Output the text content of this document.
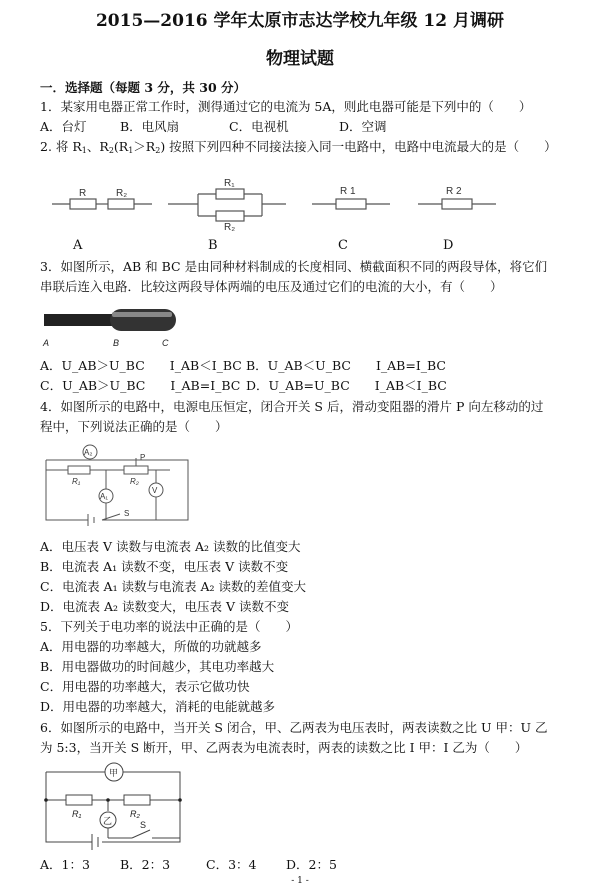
2015—2016 学年太原市志达学校九年级 12 月调研
物理试题
一．选择题（每题 3 分，共 30 分）
1．某家用电器正常工作时，测得通过它的电流为 5A，则此电器可能是下列中的（　　）
A．台灯	B．电风扇	C．电视机	D．空调
2. 将 $R_1$、$R_2(R_1>R_2)$ 按照下列四种不同接法接入同一电路中，电路中电流最大的是（　　）
R	R₂
R₁
R₂
R 1	R 2
A	B	C	D
3．如图所示，AB 和 BC 是由同种材料制成的长度相同、横截面积不同的两段导体，将它们
串联后连入电路．比较这两段导体两端的电压及通过它们的电流的大小，有（　　）
A	B	C
A．U_AB＞U_BC　　I_AB＜I_BC B．U_AB＜U_BC　　I_AB=I_BC
C．U_AB＞U_BC　　I_AB=I_BC D．U_AB=U_BC　　I_AB＜I_BC
4．如图所示的电路中，电源电压恒定，闭合开关 S 后，滑动变阻器的滑片 P 向左移动的过
程中，下列说法正确的是（　　）
A₂
A₁
V
R₁	R₂
P
S
A．电压表 V 读数与电流表 A₂ 读数的比值变大
B．电流表 A₁ 读数不变，电压表 V 读数不变
C．电流表 A₁ 读数与电流表 A₂ 读数的差值变大
D．电流表 A₂ 读数变大，电压表 V 读数不变
5．下列关于电功率的说法中正确的是（　　）
A．用电器的功率越大，所做的功就越多
B．用电器做功的时间越少，其电功率越大
C．用电器的功率越大，表示它做功快
D．用电器的功率越大，消耗的电能就越多
6．如图所示的电路中，当开关 S 闭合，甲、乙两表为电压表时，两表读数之比 U 甲：U 乙
为 5:3，当开关 S 断开，甲、乙两表为电流表时，两表的读数之比 I 甲：I 乙为（　　）
甲
乙
R₁	R₂
S
A．1：3 B．2：3	C．3：4 D．2：5
- 1 -
